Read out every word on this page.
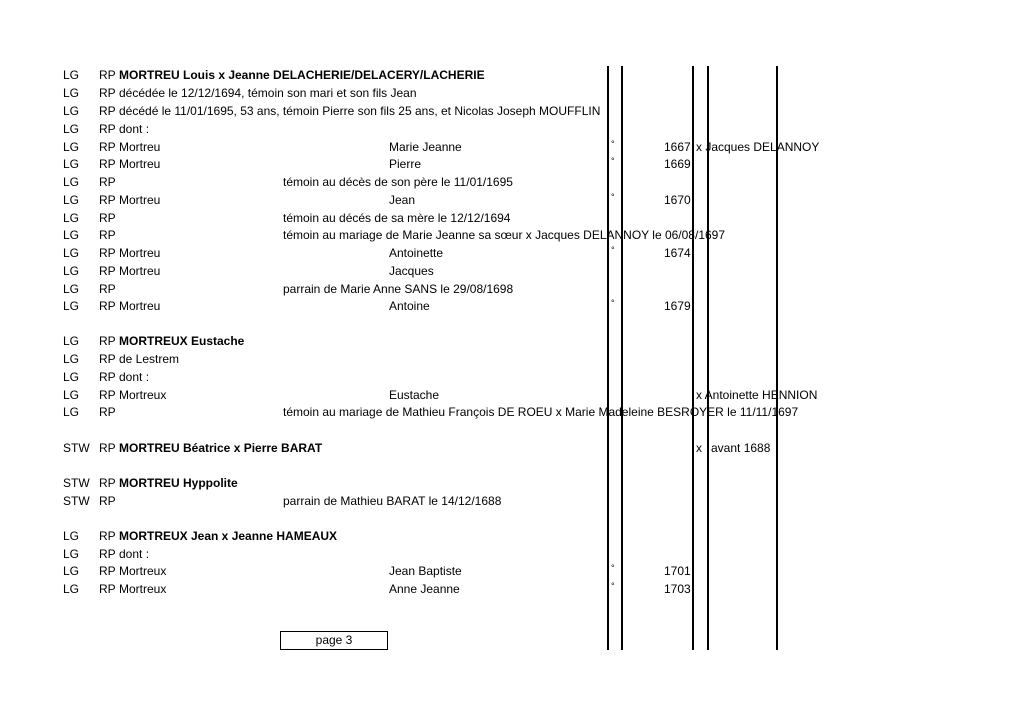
LG RP MORTREU Louis x Jeanne DELACHERIE/DELACERY/LACHERIE
LG RP décédée le 12/12/1694, témoin son mari et son fils Jean
LG RP décédé le 11/01/1695, 53 ans, témoin Pierre son fils 25 ans, et Nicolas Joseph MOUFFLIN
LG RP dont :
LG RP Mortreu	Marie Jeanne	°	1667 x Jacques DELANNOY
LG RP Mortreu	Pierre	°	1669
LG RP	témoin au décès de son père le 11/01/1695
LG RP Mortreu	Jean	°	1670
LG RP	témoin au décés de sa mère le 12/12/1694
LG RP	témoin au mariage de Marie Jeanne sa sœur x Jacques DELANNOY le 06/08/1697
LG RP Mortreu	Antoinette	°	1674
LG RP Mortreu	Jacques
LG RP	parrain de Marie Anne SANS le 29/08/1698
LG RP Mortreu	Antoine	°	1679
LG RP MORTREUX Eustache
LG RP de Lestrem
LG RP dont :
LG RP Mortreux	Eustache	x Antoinette HENNION
LG RP	témoin au mariage de Mathieu François DE ROEU x Marie Madeleine BESROYER le 11/11/1697
STW RP MORTREU Béatrice x Pierre BARAT	x avant 1688
STW RP MORTREU Hyppolite
STW RP	parrain de Mathieu BARAT le 14/12/1688
LG RP MORTREUX Jean x Jeanne HAMEAUX
LG RP dont :
LG RP Mortreux	Jean Baptiste	°	1701
LG RP Mortreux	Anne Jeanne	°	1703
page 3
